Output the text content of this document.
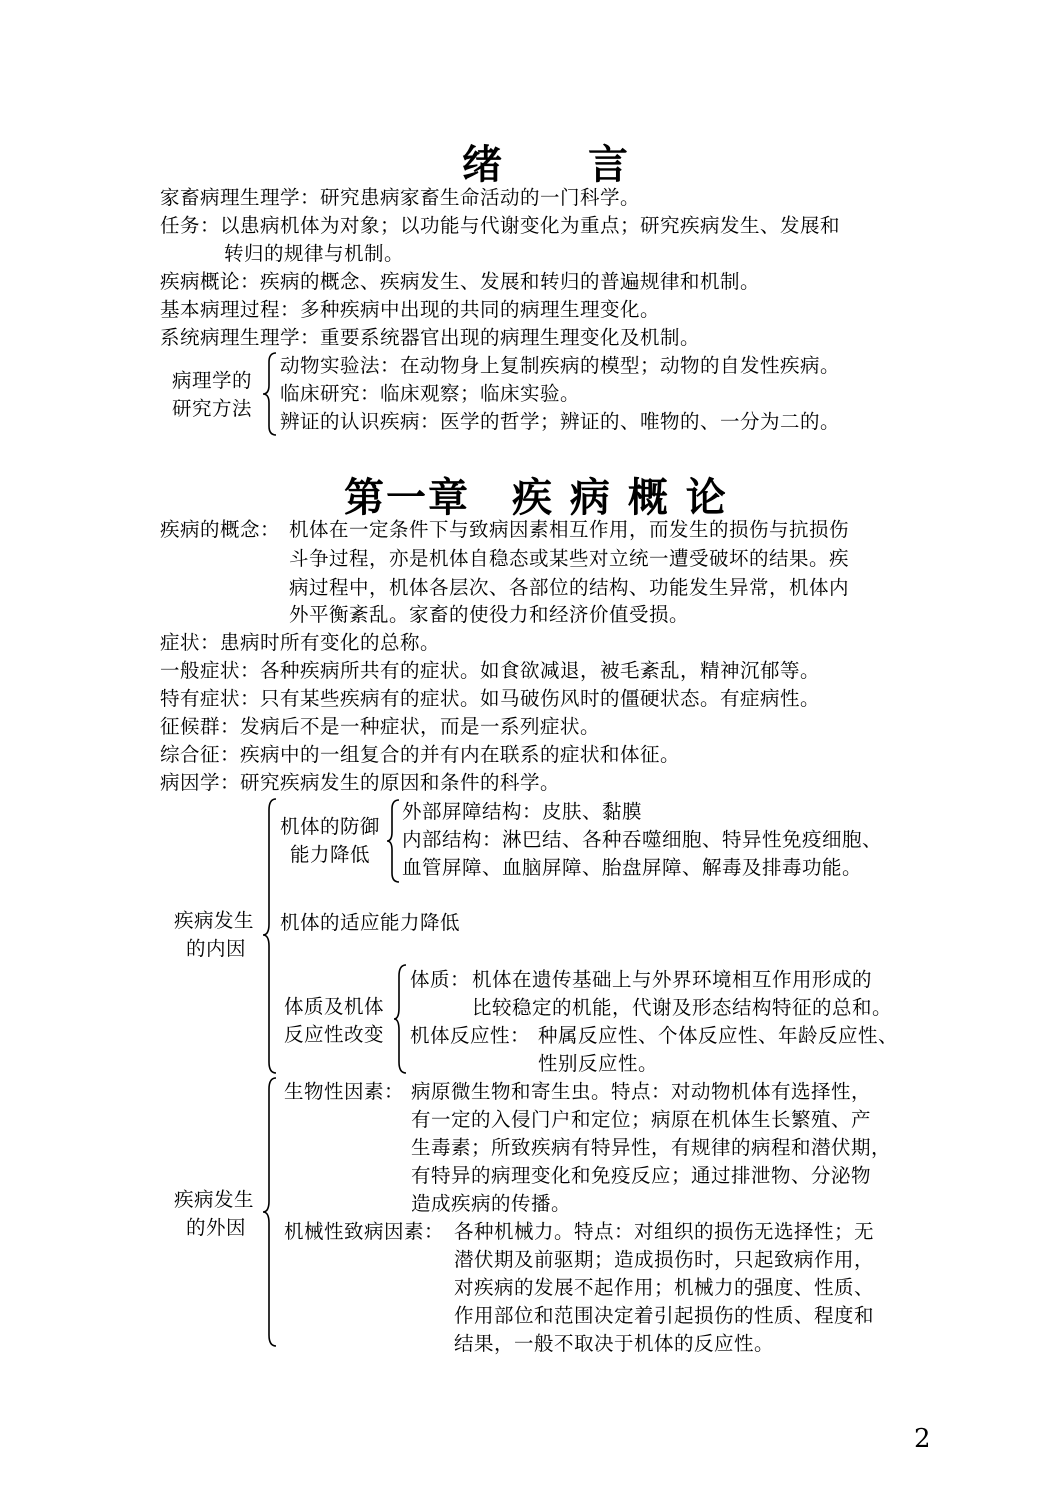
绪　　言
家畜病理生理学：研究患病家畜生命活动的一门科学。
任务：以患病机体为对象；以功能与代谢变化为重点；研究疾病发生、发展和
转归的规律与机制。
疾病概论：疾病的概念、疾病发生、发展和转归的普遍规律和机制。
基本病理过程：多种疾病中出现的共同的病理生理变化。
系统病理生理学：重要系统器官出现的病理生理变化及机制。
病理学的
研究方法
动物实验法：在动物身上复制疾病的模型；动物的自发性疾病。
临床研究：临床观察；临床实验。
辨证的认识疾病：医学的哲学；辨证的、唯物的、一分为二的。
第一章　疾 病 概 论
疾病的概念： 机体在一定条件下与致病因素相互作用，而发生的损伤与抗损伤
斗争过程，亦是机体自稳态或某些对立统一遭受破坏的结果。疾
病过程中，机体各层次、各部位的结构、功能发生异常，机体内
外平衡紊乱。家畜的使役力和经济价值受损。
症状：患病时所有变化的总称。
一般症状：各种疾病所共有的症状。如食欲减退，被毛紊乱，精神沉郁等。
特有症状：只有某些疾病有的症状。如马破伤风时的僵硬状态。有症病性。
征候群：发病后不是一种症状，而是一系列症状。
综合征：疾病中的一组复合的并有内在联系的症状和体征。
病因学：研究疾病发生的原因和条件的科学。
疾病发生
的内因
机体的防御
能力降低
外部屏障结构：皮肤、黏膜
内部结构：淋巴结、各种吞噬细胞、特异性免疫细胞、
血管屏障、血脑屏障、胎盘屏障、解毒及排毒功能。
机体的适应能力降低
体质及机体
反应性改变
体质： 机体在遗传基础上与外界环境相互作用形成的
比较稳定的机能，代谢及形态结构特征的总和。
机体反应性： 种属反应性、个体反应性、年龄反应性、
性别反应性。
疾病发生
的外因
生物性因素： 病原微生物和寄生虫。特点：对动物机体有选择性，
有一定的入侵门户和定位；病原在机体生长繁殖、产
生毒素；所致疾病有特异性，有规律的病程和潜伏期，
有特异的病理变化和免疫反应；通过排泄物、分泌物
造成疾病的传播。
机械性致病因素： 各种机械力。特点：对组织的损伤无选择性；无
潜伏期及前驱期；造成损伤时，只起致病作用，
对疾病的发展不起作用；机械力的强度、性质、
作用部位和范围决定着引起损伤的性质、程度和
结果，一般不取决于机体的反应性。
2
